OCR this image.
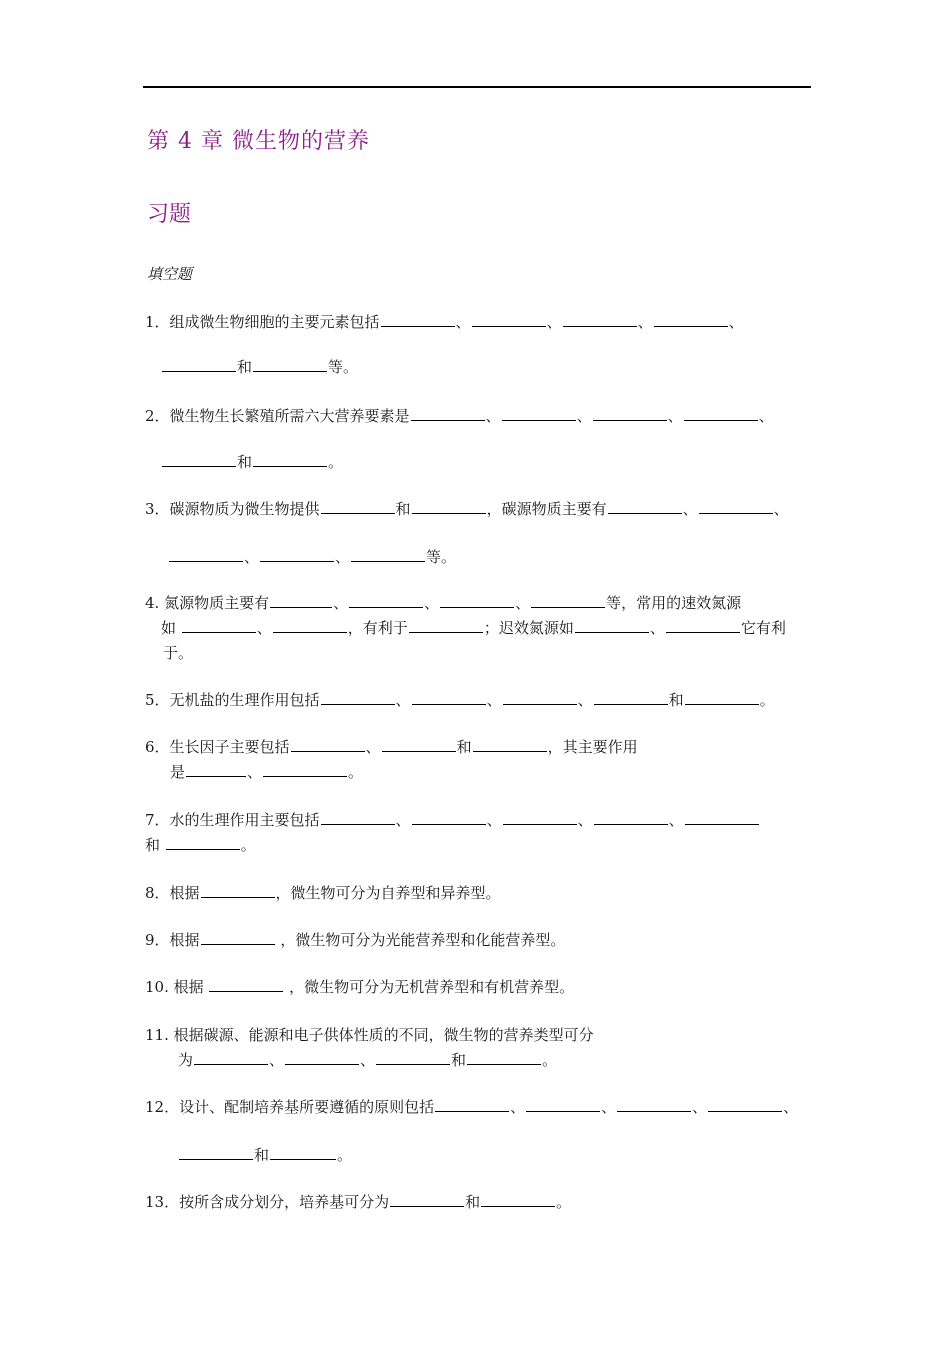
第 4 章 微生物的营养
习题
填空题
1．组成微生物细胞的主要元素包括	、	、	、	、
和	等。
2．微生物生长繁殖所需六大营养要素是	、	、	、	、
和	。
3．碳源物质为微生物提供	和	，碳源物质主要有	、	、
、	、	等。
4. 氮源物质主要有	、	、	、	等，常用的速效氮源
如	、	，有利于	；迟效氮源如	、	它有利
于。
5．无机盐的生理作用包括	、	、	、	和	。
6．生长因子主要包括	、	和	，其主要作用
是	、	。
7．水的生理作用主要包括	、	、	、	、
和	。
8．根据	，微生物可分为自养型和异养型。
9．根据	，微生物可分为光能营养型和化能营养型。
10. 根据	，微生物可分为无机营养型和有机营养型。
11. 根据碳源、能源和电子供体性质的不同，微生物的营养类型可分
为	、	、	和	。
12．设计、配制培养基所要遵循的原则包括	、	、	、	、
和	。
13．按所含成分划分，培养基可分为	和	。
